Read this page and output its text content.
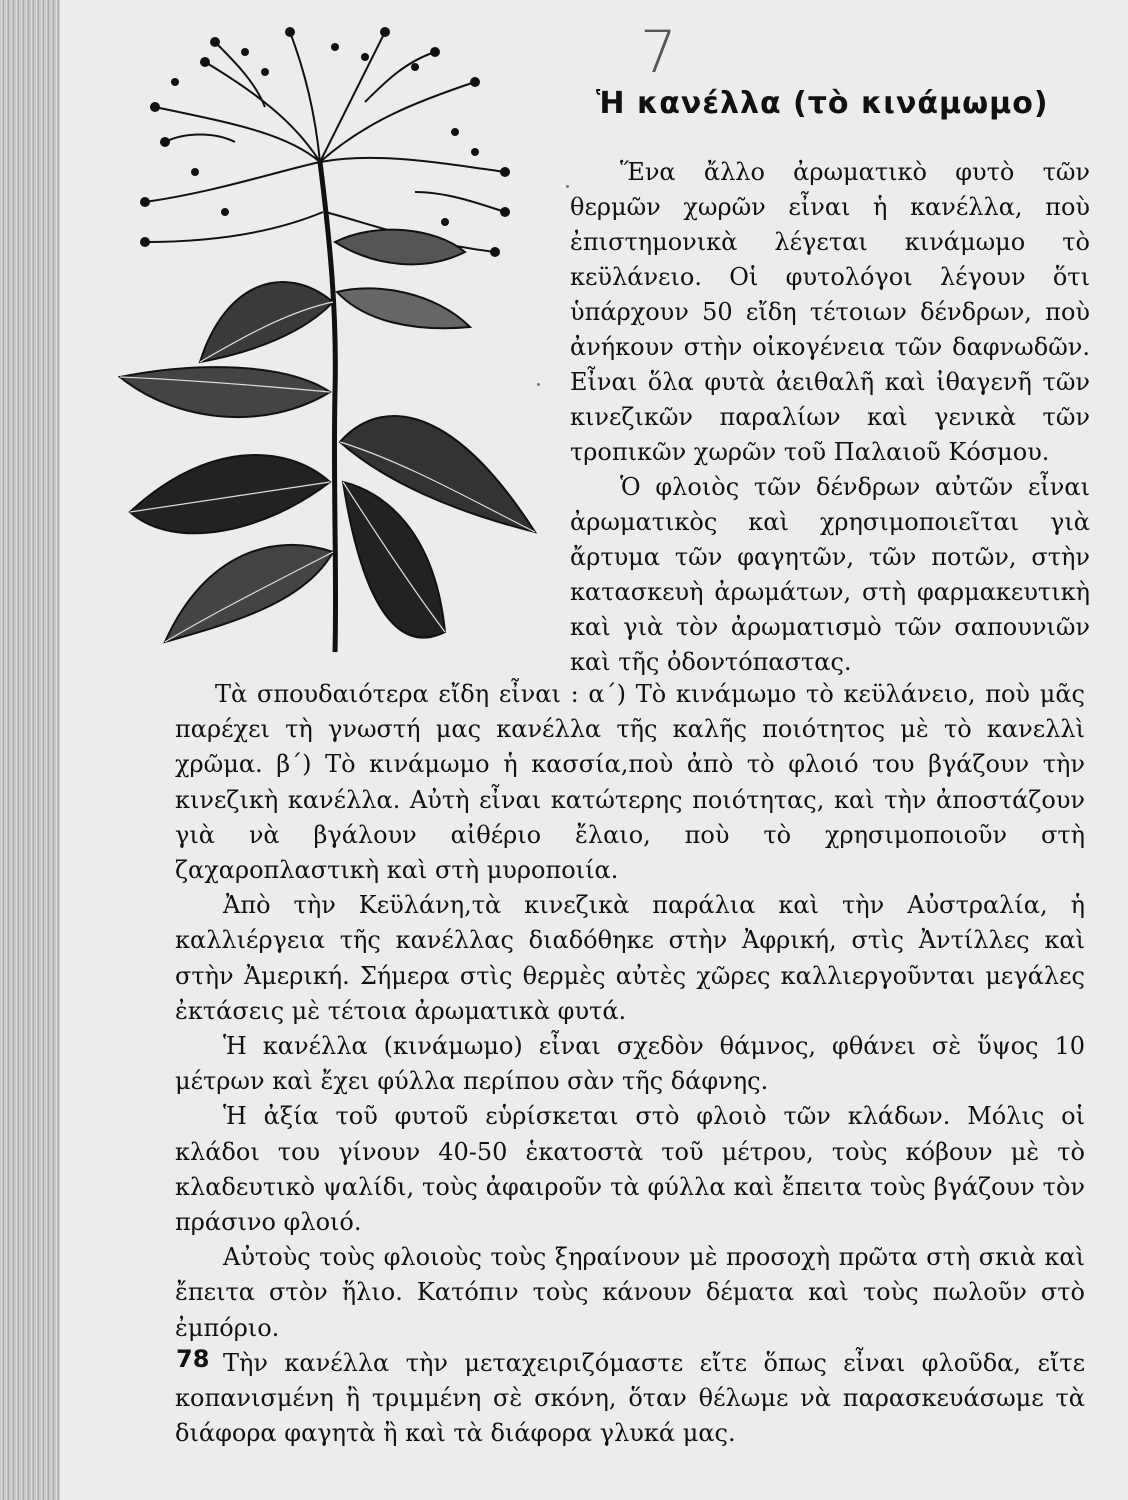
7
Ἡ κανέλλα (τὸ κινάμωμο)

Ἕνα ἄλλο ἀρωματικὸ φυτὸ τῶν θερμῶν χωρῶν εἶναι ἡ κανέλλα, ποὺ ἐπιστημονικὰ λέγεται κινάμωμο τὸ κεϋλάνειο. Οἱ φυτολόγοι λέγουν ὅτι ὑπάρχουν 50 εἴδη τέτοιων δένδρων, ποὺ ἀνήκουν στὴν οἰκογένεια τῶν δαφνωδῶν. Εἶναι ὅλα φυτὰ ἀειθαλῆ καὶ ἰθαγενῆ τῶν κινεζικῶν παραλίων καὶ γενικὰ τῶν τροπικῶν χωρῶν τοῦ Παλαιοῦ Κόσμου.

Ὁ φλοιὸς τῶν δένδρων αὐτῶν εἶναι ἀρωματικὸς καὶ χρησιμοποιεῖται γιὰ ἄρτυμα τῶν φαγητῶν, τῶν ποτῶν, στὴν κατασκευὴ ἀρωμάτων, στὴ φαρμακευτικὴ καὶ γιὰ τὸν ἀρωματισμὸ τῶν σαπουνιῶν καὶ τῆς ὀδοντόπαστας.

Τὰ σπουδαιότερα εἴδη εἶναι : α΄) Τὸ κινάμωμο τὸ κεϋλάνειο, ποὺ μᾶς παρέχει τὴ γνωστή μας κανέλλα τῆς καλῆς ποιότητος μὲ τὸ κανελλὶ χρῶμα. β΄) Τὸ κινάμωμο ἡ κασσία,ποὺ ἀπὸ τὸ φλοιό του βγάζουν τὴν κινεζικὴ κανέλλα. Αὐτὴ εἶναι κατώτερης ποιότητας, καὶ τὴν ἀποστάζουν γιὰ νὰ βγάλουν αἰθέριο ἔλαιο, ποὺ τὸ χρησιμοποιοῦν στὴ ζαχαροπλαστικὴ καὶ στὴ μυροποιία.

Ἀπὸ τὴν Κεϋλάνη,τὰ κινεζικὰ παράλια καὶ τὴν Αὐστραλία, ἡ καλλιέργεια τῆς κανέλλας διαδόθηκε στὴν Ἀφρική, στὶς Ἀντίλλες καὶ στὴν Ἀμερική. Σήμερα στὶς θερμὲς αὐτὲς χῶρες καλλιεργοῦνται μεγάλες ἐκτάσεις μὲ τέτοια ἀρωματικὰ φυτά.

Ἡ κανέλλα (κινάμωμο) εἶναι σχεδὸν θάμνος, φθάνει σὲ ὕψος 10 μέτρων καὶ ἔχει φύλλα περίπου σὰν τῆς δάφνης.

Ἡ ἀξία τοῦ φυτοῦ εὑρίσκεται στὸ φλοιὸ τῶν κλάδων. Μόλις οἱ κλάδοι του γίνουν 40-50 ἑκατοστὰ τοῦ μέτρου, τοὺς κόβουν μὲ τὸ κλαδευτικὸ ψαλίδι, τοὺς ἀφαιροῦν τὰ φύλλα καὶ ἔπειτα τοὺς βγάζουν τὸν πράσινο φλοιό.

Αὐτοὺς τοὺς φλοιοὺς τοὺς ξηραίνουν μὲ προσοχὴ πρῶτα στὴ σκιὰ καὶ ἔπειτα στὸν ἥλιο. Κατόπιν τοὺς κάνουν δέματα καὶ τοὺς πωλοῦν στὸ ἐμπόριο.

Τὴν κανέλλα τὴν μεταχειριζόμαστε εἴτε ὅπως εἶναι φλοῦδα, εἴτε κοπανισμένη ἢ τριμμένη σὲ σκόνη, ὅταν θέλωμε νὰ παρασκευάσωμε τὰ διάφορα φαγητὰ ἢ καὶ τὰ διάφορα γλυκά μας.

78
